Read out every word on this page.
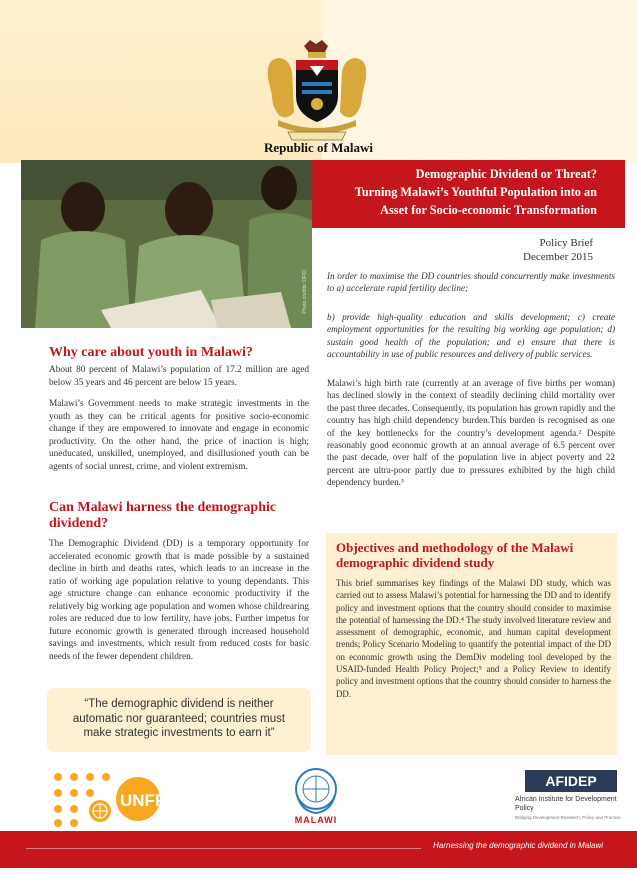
Republic of Malawi
Photo credits: DFID
Demographic Dividend or Threat?
Turning Malawi’s Youthful Population into an
Asset for Socio-economic Transformation
Policy Brief
December 2015
In order to maximise the DD countries should concurrently make investments to a) accelerate rapid fertility decline;
b) provide high-quality education and skills development; c) create employment opportunities for the resulting big working age population; d) sustain good health of the population; and e) ensure that there is accountability in use of public resources and delivery of public services.
Malawi’s high birth rate (currently at an average of five births per woman) has declined slowly in the context of steadily declining child mortality over the past three decades. Consequently, its population has grown rapidly and the country has high child dependency burden.This burden is recognised as one of the key bottlenecks for the country’s development agenda.² Despite reasonably good economic growth at an annual average of 6.5 percent over the past decade, over half of the population live in abject poverty and 22 percent are ultra-poor partly due to pressures exhibited by the high child dependency burden.³
Objectives and methodology of the Malawi demographic dividend study
This brief summarises key findings of the Malawi DD study, which was carried out to assess Malawi’s potential for harnessing the DD and to identify policy and investment options that the country should consider to maximise the potential of harnessing the DD.⁴ The study involved literature review and assessment of demographic, economic, and human capital development trends; Policy Scenario Modeling to quantify the potential impact of the DD on economic growth using the DemDiv modeling tool developed by the USAID-funded Health Policy Project;⁵ and a Policy Review to identify policy and investment options that the country should consider to harness the DD.
Why care about youth in Malawi?
About 80 percent of Malawi’s population of 17.2 million are aged below 35 years and 46 percent are below 15 years.
Malawi’s Government needs to make strategic investments in the youth as they can be critical agents for positive socio-economic change if they are empowered to innovate and engage in economic productivity. On the other hand, the price of inaction is high; uneducated, unskilled, unemployed, and disillusioned youth can be agents of social unrest, crime, and violent extremism.
Can Malawi harness the demographic dividend?
The Demographic Dividend (DD) is a temporary opportunity for accelerated economic growth that is made possible by a sustained decline in birth and deaths rates, which leads to an increase in the ratio of working age population relative to young dependants. This age structure change can enhance economic productivity if the relatively big working age population and women whose childrearing roles are reduced due to low fertility, have jobs. Further impetus for future economic growth is generated through increased household savings and investments, which result from reduced costs for basic needs of the fewer dependent children.
“The demographic dividend is neither automatic nor guaranteed; countries must make strategic investments to earn it”
UNFPA
MALAWI
AFIDEP
African Institute for Development Policy
Bridging Development Research, Policy and Practice
Harnessing the demographic dividend in Malawi
